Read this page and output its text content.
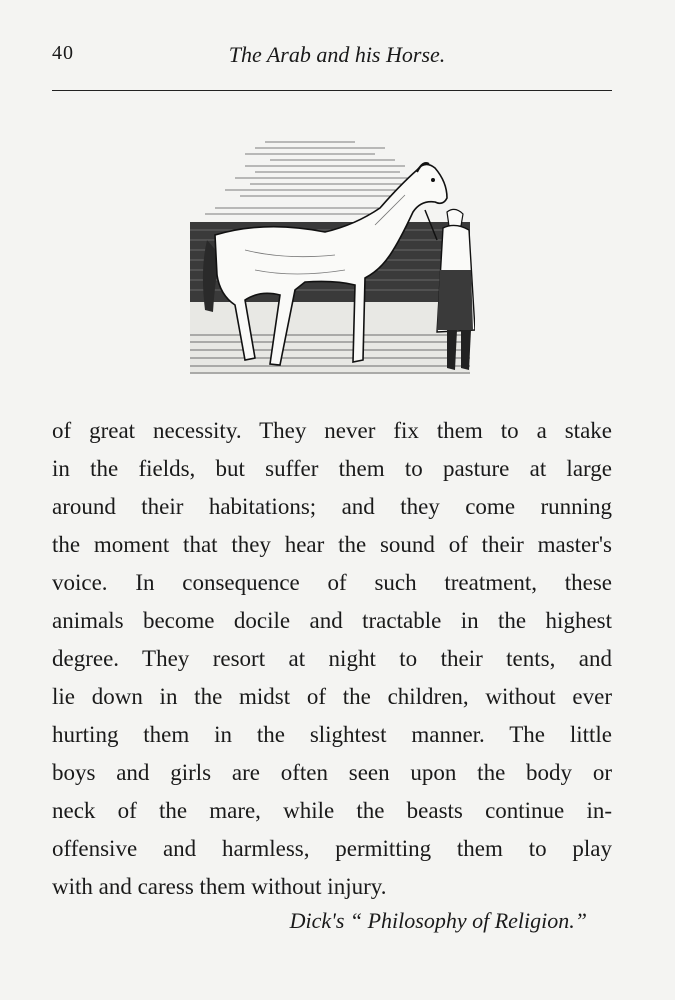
40	The Arab and his Horse.
of great necessity. They never fix them to a stake
in the fields, but suffer them to pasture at large
around their habitations; and they come running
the moment that they hear the sound of their master's
voice. In consequence of such treatment, these
animals become docile and tractable in the highest
degree. They resort at night to their tents, and
lie down in the midst of the children, without ever
hurting them in the slightest manner. The little
boys and girls are often seen upon the body or
neck of the mare, while the beasts continue in-
offensive and harmless, permitting them to play
with and caress them without injury.
Dick's “ Philosophy of Religion.”
